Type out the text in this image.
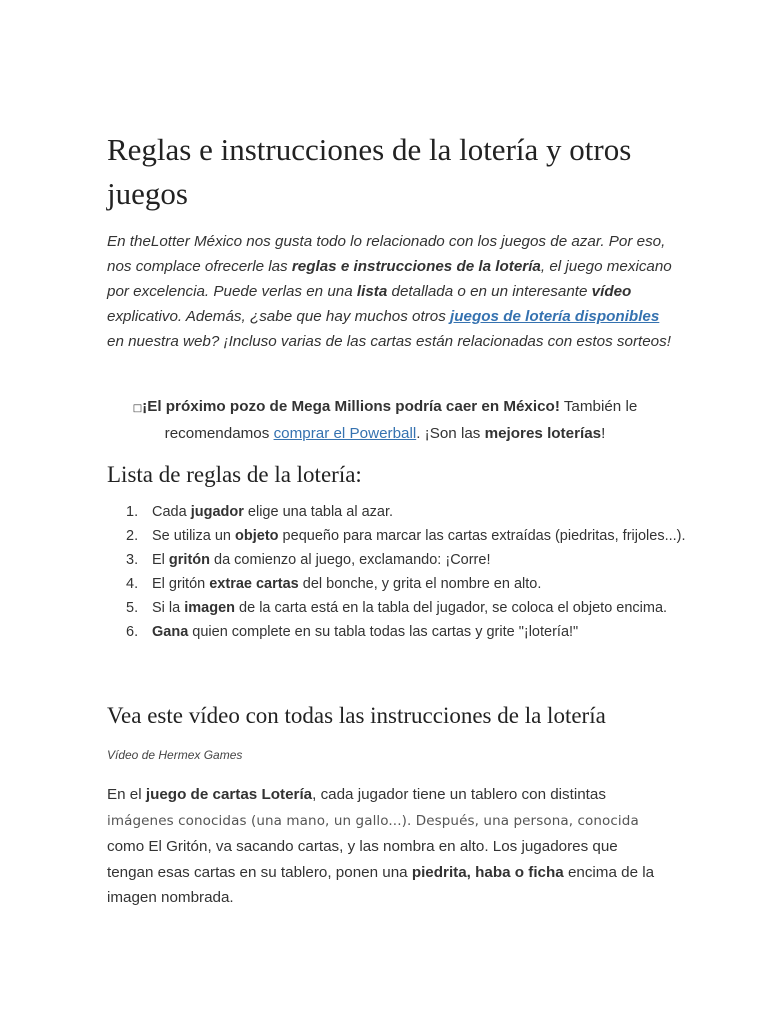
Reglas e instrucciones de la lotería y otros juegos

En theLotter México nos gusta todo lo relacionado con los juegos de azar. Por eso, nos complace ofrecerle las reglas e instrucciones de la lotería, el juego mexicano por excelencia. Puede verlas en una lista detallada o en un interesante vídeo explicativo. Además, ¿sabe que hay muchos otros juegos de lotería disponibles en nuestra web? ¡Incluso varias de las cartas están relacionadas con estos sorteos!

□¡El próximo pozo de Mega Millions podría caer en México! También le recomendamos comprar el Powerball. ¡Son las mejores loterías!

Lista de reglas de la lotería:
Cada jugador elige una tabla al azar.
Se utiliza un objeto pequeño para marcar las cartas extraídas (piedritas, frijoles...).
El gritón da comienzo al juego, exclamando: ¡Corre!
El gritón extrae cartas del bonche, y grita el nombre en alto.
Si la imagen de la carta está en la tabla del jugador, se coloca el objeto encima.
Gana quien complete en su tabla todas las cartas y grite "¡lotería!"
Vea este vídeo con todas las instrucciones de la lotería

Vídeo de Hermex Games

En el juego de cartas Lotería, cada jugador tiene un tablero con distintas imágenes conocidas (una mano, un gallo...). Después, una persona, conocida como El Gritón, va sacando cartas, y las nombra en alto. Los jugadores que tengan esas cartas en su tablero, ponen una piedrita, haba o ficha encima de la imagen nombrada.
